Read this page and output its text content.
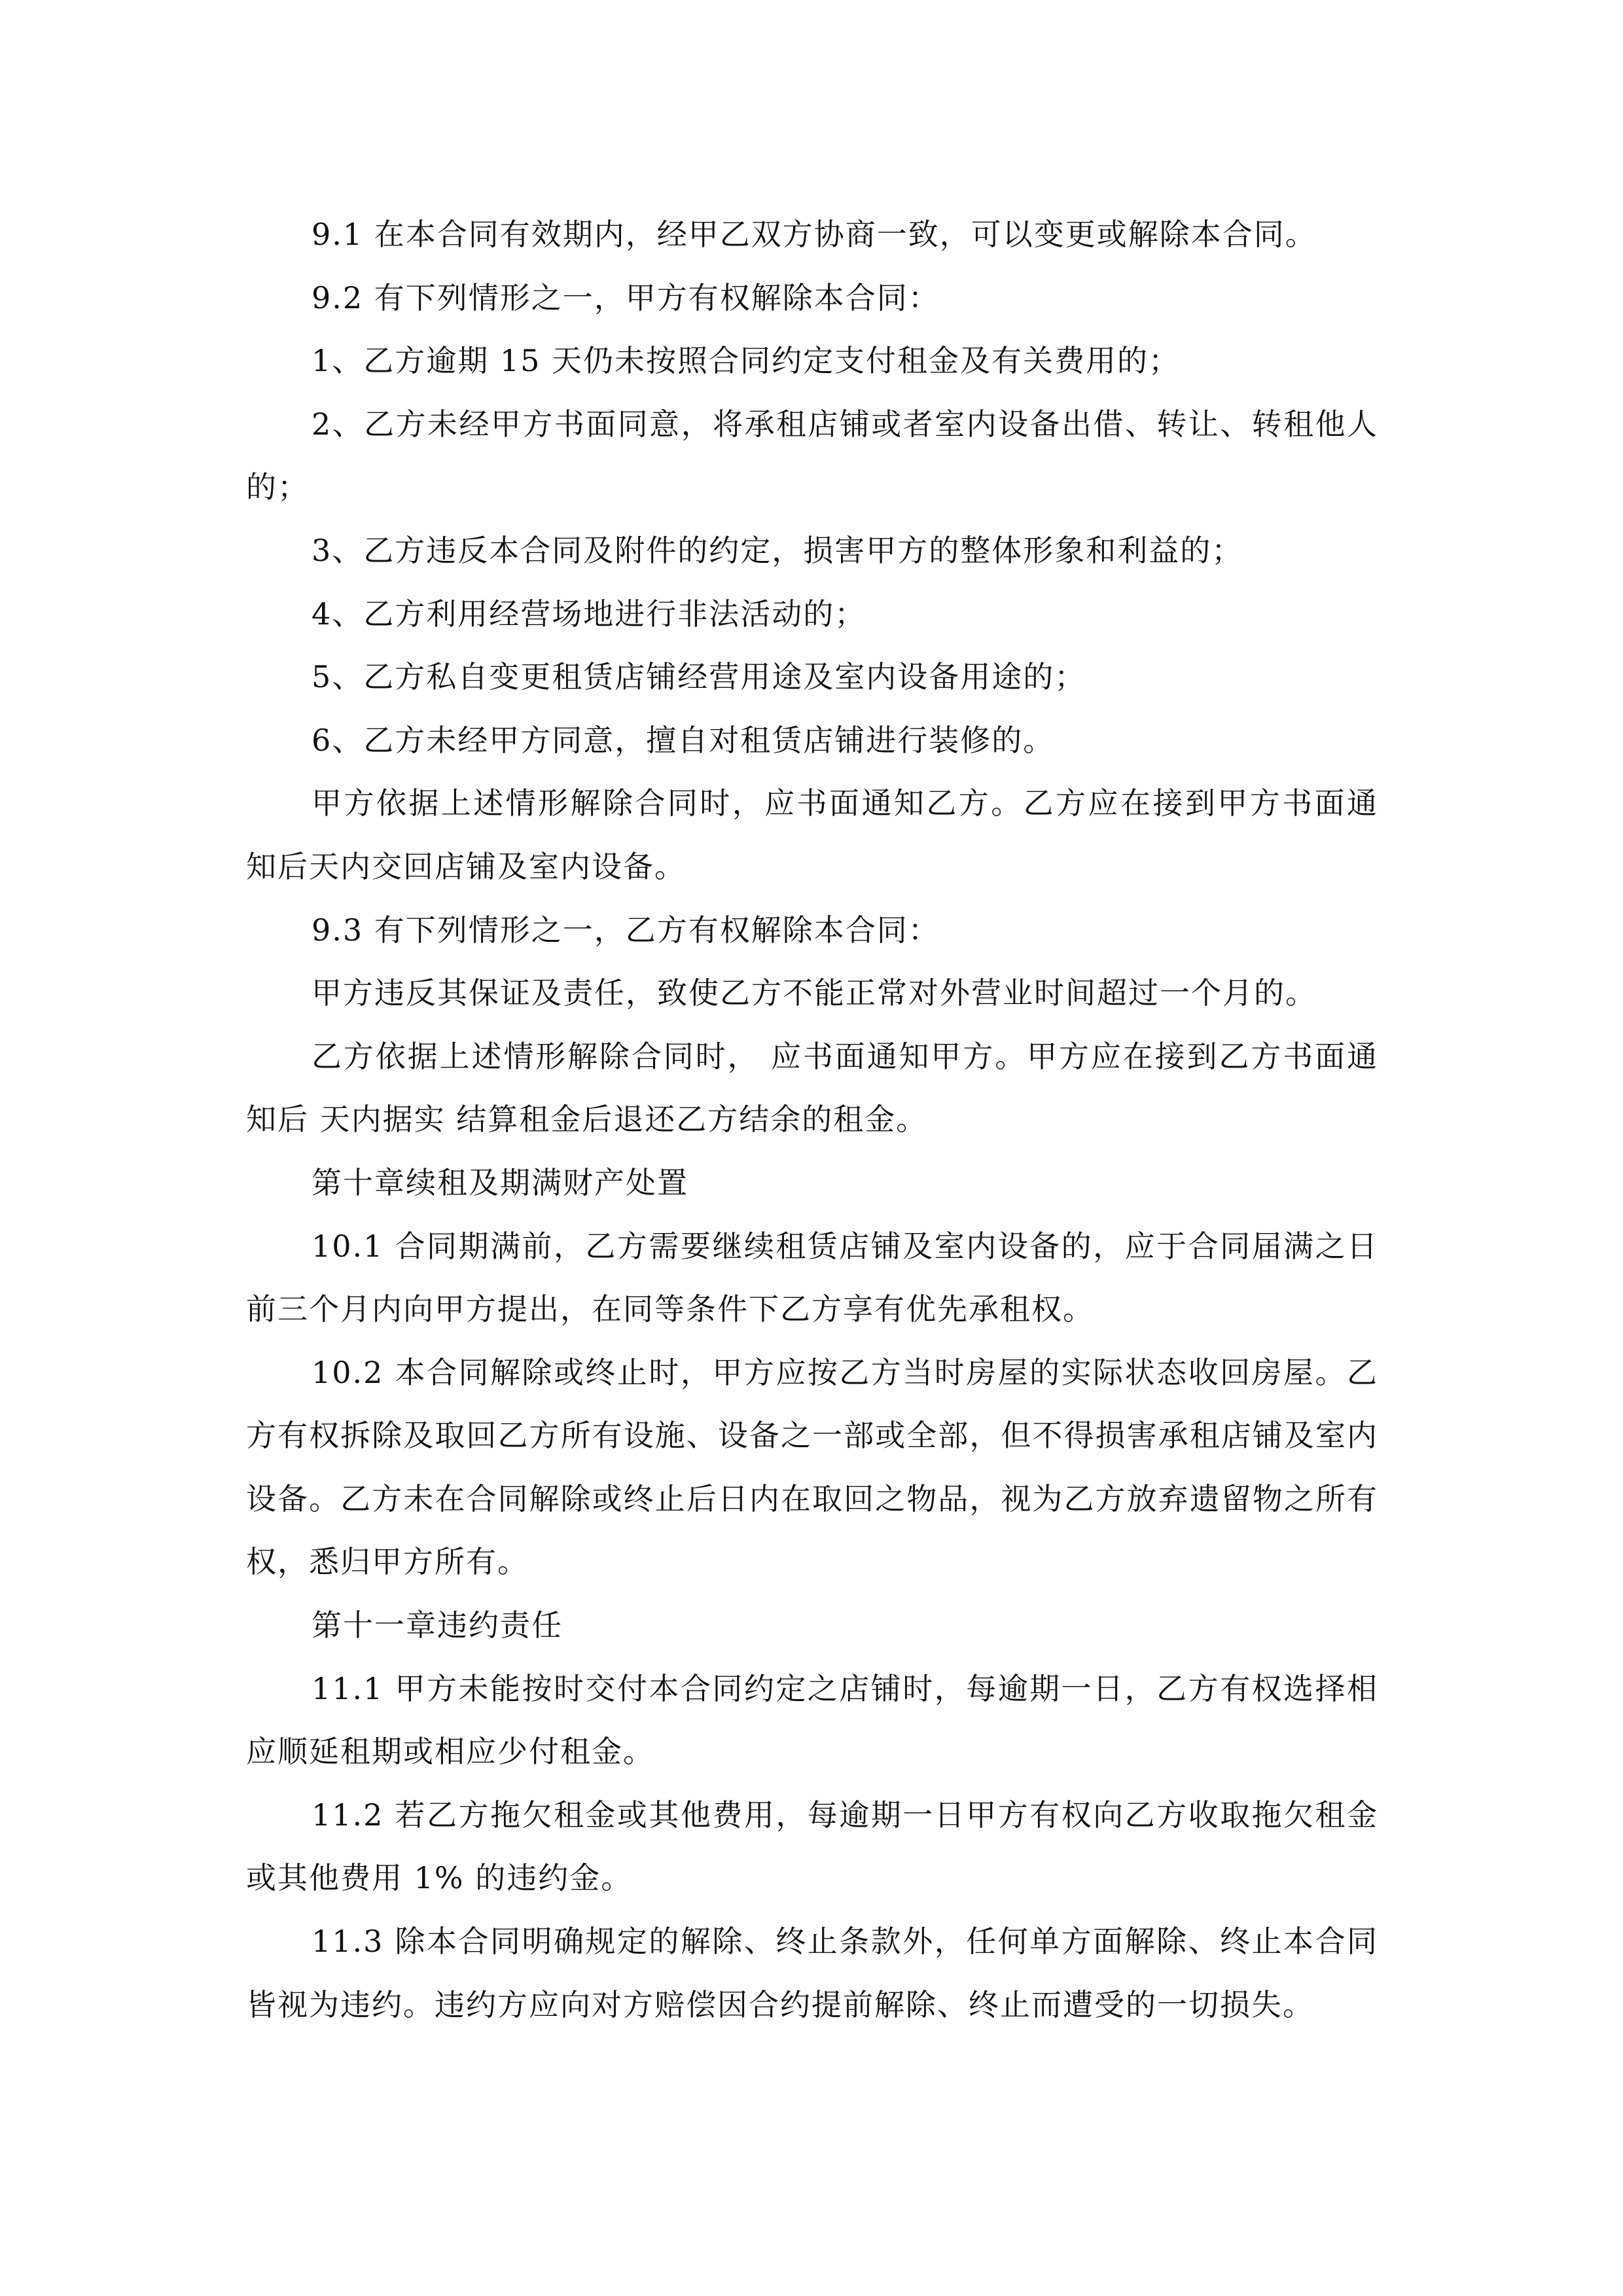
9.1 在本合同有效期内，经甲乙双方协商一致，可以变更或解除本合同。

9.2 有下列情形之一，甲方有权解除本合同：

1、乙方逾期 15 天仍未按照合同约定支付租金及有关费用的；

2、乙方未经甲方书面同意，将承租店铺或者室内设备出借、转让、转租他人的；

3、乙方违反本合同及附件的约定，损害甲方的整体形象和利益的；

4、乙方利用经营场地进行非法活动的；

5、乙方私自变更租赁店铺经营用途及室内设备用途的；

6、乙方未经甲方同意，擅自对租赁店铺进行装修的。

甲方依据上述情形解除合同时，应书面通知乙方。乙方应在接到甲方书面通知后天内交回店铺及室内设备。

9.3 有下列情形之一，乙方有权解除本合同：

甲方违反其保证及责任，致使乙方不能正常对外营业时间超过一个月的。

乙方依据上述情形解除合同时， 应书面通知甲方。甲方应在接到乙方书面通知后 天内据实 结算租金后退还乙方结余的租金。

第十章续租及期满财产处置

10.1 合同期满前，乙方需要继续租赁店铺及室内设备的，应于合同届满之日前三个月内向甲方提出，在同等条件下乙方享有优先承租权。

10.2 本合同解除或终止时，甲方应按乙方当时房屋的实际状态收回房屋。乙方有权拆除及取回乙方所有设施、设备之一部或全部，但不得损害承租店铺及室内设备。乙方未在合同解除或终止后日内在取回之物品，视为乙方放弃遗留物之所有权，悉归甲方所有。

第十一章违约责任

11.1 甲方未能按时交付本合同约定之店铺时，每逾期一日，乙方有权选择相应顺延租期或相应少付租金。

11.2 若乙方拖欠租金或其他费用，每逾期一日甲方有权向乙方收取拖欠租金或其他费用 1% 的违约金。

11.3 除本合同明确规定的解除、终止条款外，任何单方面解除、终止本合同皆视为违约。违约方应向对方赔偿因合约提前解除、终止而遭受的一切损失。
